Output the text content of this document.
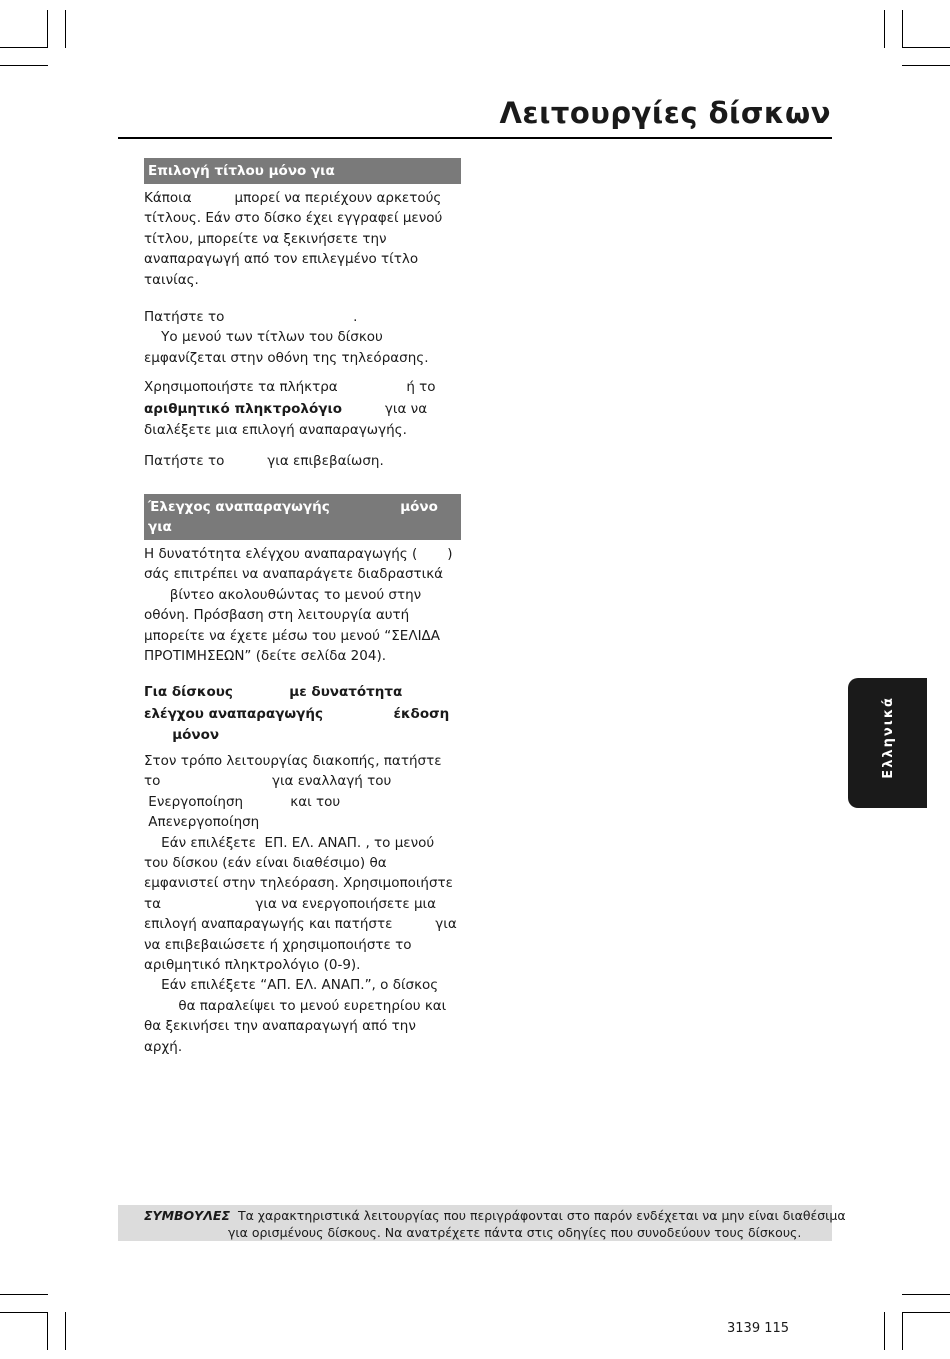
Λειτουργίες δίσκων
Επιλογή τίτλου μόνο για
Κάποια          μπορεί να περιέχουν αρκετούς
τίτλους. Εάν στο δίσκο έχει εγγραφεί μενού
τίτλου, μπορείτε να ξεκινήσετε την
αναπαραγωγή από τον επιλεγμένο τίτλο
ταινίας.
Πατήστε το                              .
Υο μενού των τίτλων του δίσκου
εμφανίζεται στην οθόνη της τηλεόρασης.
Χρησιμοποιήστε τα πλήκτρα                ή το
αριθμητικό πληκτρολόγιο          για να
διαλέξετε μια επιλογή αναπαραγωγής.
Πατήστε το          για επιβεβαίωση.
Έλεγχος αναπαραγωγής               μόνο
για
Η δυνατότητα ελέγχου αναπαραγωγής (       )
σάς επιτρέπει να αναπαράγετε διαδραστικά
βίντεο ακολουθώντας το μενού στην
οθόνη. Πρόσβαση στη λειτουργία αυτή
μπορείτε να έχετε μέσω του μενού “ΣΕΛΙΔΑ
ΠΡΟΤΙΜΗΣΕΩΝ” (δείτε σελίδα 204).
Για δίσκους            με δυνατότητα
ελέγχου αναπαραγωγής               έκδοση
μόνον
Στον τρόπο λειτουργίας διακοπής, πατήστε
το                          για εναλλαγή του
Ενεργοποίηση           και του
Απενεργοποίηση
Εάν επιλέξετε  ΕΠ. ΕΛ. ΑΝΑΠ. , το μενού
του δίσκου (εάν είναι διαθέσιμο) θα
εμφανιστεί στην τηλεόραση. Χρησιμοποιήστε
τα                      για να ενεργοποιήσετε μια
επιλογή αναπαραγωγής και πατήστε          για
να επιβεβαιώσετε ή χρησιμοποιήστε το
αριθμητικό πληκτρολόγιο (0-9).
Εάν επιλέξετε “ΑΠ. ΕΛ. ΑΝΑΠ.”, ο δίσκος
θα παραλείψει το μενού ευρετηρίου και
θα ξεκινήσει την αναπαραγωγή από την
αρχή.
Ελληνικά
ΣΥΜΒΟΥΛΕΣ Τα χαρακτηριστικά λειτουργίας που περιγράφονται στο παρόν ενδέχεται να μην είναι διαθέσιμα
για ορισμένους δίσκους. Να ανατρέχετε πάντα στις οδηγίες που συνοδεύουν τους δίσκους.
3139 115
